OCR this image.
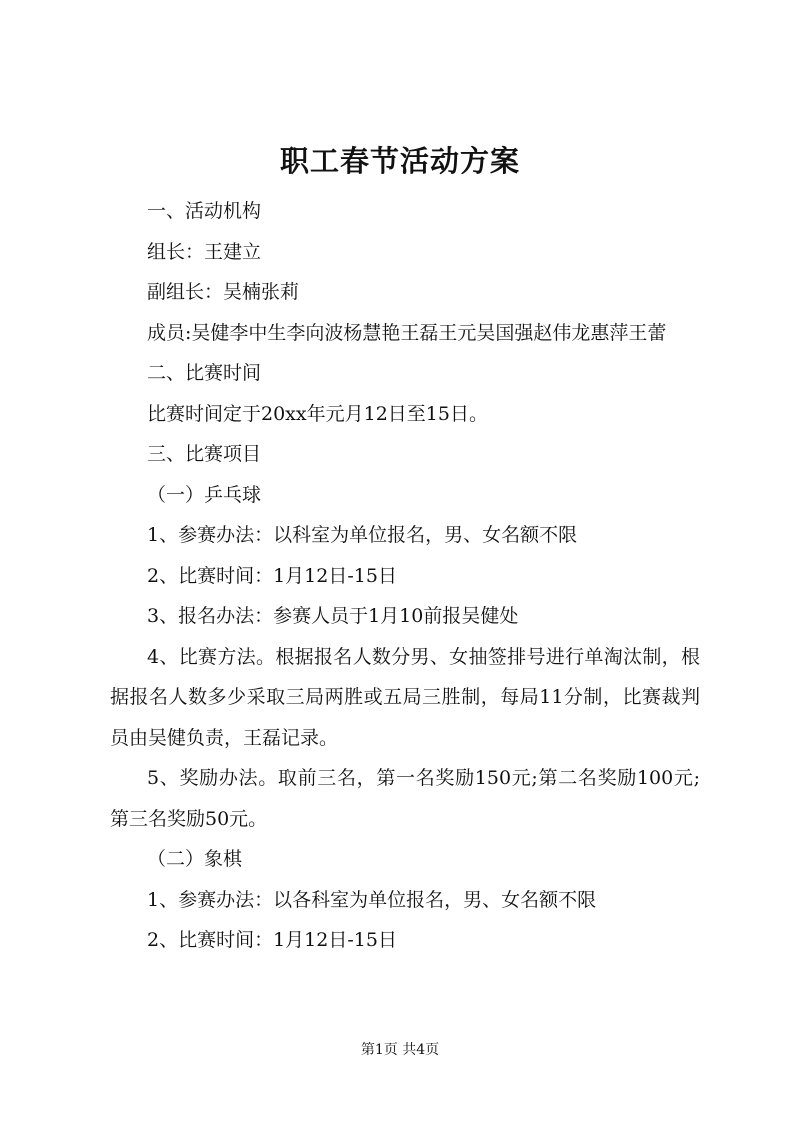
职工春节活动方案

一、活动机构

组长：王建立

副组长：吴楠张莉

成员:吴健李中生李向波杨慧艳王磊王元吴国强赵伟龙惠萍王蕾

二、比赛时间

比赛时间定于20xx年元月12日至15日。

三、比赛项目

（一）乒乓球

1、参赛办法：以科室为单位报名，男、女名额不限

2、比赛时间：1月12日-15日

3、报名办法：参赛人员于1月10前报吴健处

4、比赛方法。根据报名人数分男、女抽签排号进行单淘汰制，根据报名人数多少采取三局两胜或五局三胜制，每局11分制，比赛裁判员由吴健负责，王磊记录。

5、奖励办法。取前三名，第一名奖励150元;第二名奖励100元;第三名奖励50元。

（二）象棋

1、参赛办法：以各科室为单位报名，男、女名额不限

2、比赛时间：1月12日-15日

第1页 共4页
